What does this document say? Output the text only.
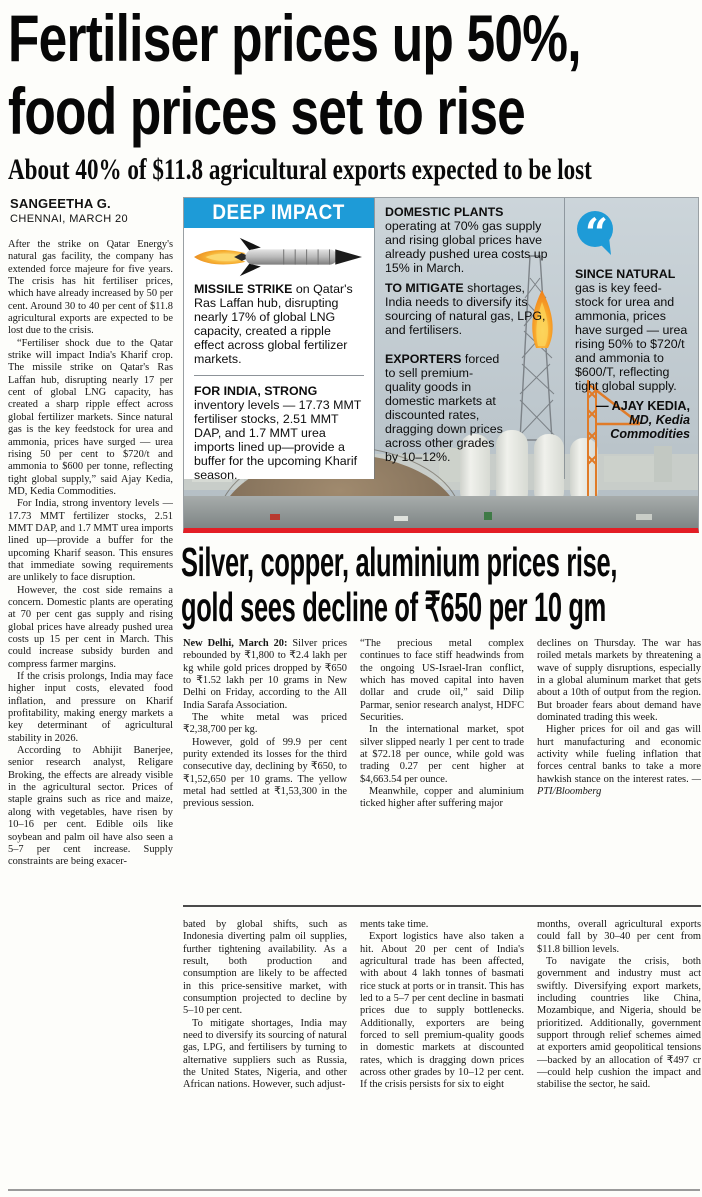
Fertiliser prices up 50%,
food prices set to rise
About 40% of $11.8 agricultural exports expected to be lost
SANGEETHA G.
CHENNAI, MARCH 20

After the strike on Qatar Energy's natural gas facility, the company has extended force majeure for five years. The crisis has hit fertiliser prices, which have already increased by 50 per cent. Around 30 to 40 per cent of $11.8 agricultural exports are expected to be lost due to the crisis.

“Fertiliser shock due to the Qatar strike will impact India's Kharif crop. The missile strike on Qatar's Ras Laffan hub, disrupting nearly 17 per cent of global LNG capacity, has created a sharp ripple effect across global fertilizer markets. Since natural gas is the key feedstock for urea and ammonia, prices have surged — urea rising 50 per cent to $720/t and ammonia to $600 per tonne, reflecting tight global supply,” said Ajay Kedia, MD, Kedia Commodities.

For India, strong inventory levels — 17.73 MMT fertilizer stocks, 2.51 MMT DAP, and 1.7 MMT urea imports lined up—provide a buffer for the upcoming Kharif season. This ensures that immediate sowing requirements are unlikely to face disruption.

However, the cost side remains a concern. Domestic plants are operating at 70 per cent gas supply and rising global prices have already pushed urea costs up 15 per cent in March. This could increase subsidy burden and compress farmer margins.

If the crisis prolongs, India may face higher input costs, elevated food inflation, and pressure on Kharif profitability, making energy markets a key determinant of agricultural stability in 2026.

According to Abhijit Banerjee, senior research analyst, Religare Broking, the effects are already visible in the agricultural sector. Prices of staple grains such as rice and maize, along with vegetables, have risen by 10–16 per cent. Edible oils like soybean and palm oil have also seen a 5–7 per cent increase. Supply constraints are being exacer-

DEEP IMPACT

MISSILE STRIKE on Qatar's Ras Laffan hub, disrupting nearly 17% of global LNG capacity, created a ripple effect across global fertilizer markets.

FOR INDIA, STRONG inventory levels — 17.73 MMT fertiliser stocks, 2.51 MMT DAP, and 1.7 MMT urea imports lined up—provide a buffer for the upcoming Kharif season.

DOMESTIC PLANTS operating at 70% gas supply and rising global prices have already pushed urea costs up 15% in March.

TO MITIGATE shortages, India needs to diversify its sourcing of natural gas, LPG, and fertilisers.

EXPORTERS forced to sell premium-quality goods in domestic markets at discounted rates, dragging down prices across other grades by 10–12%.

“

SINCE NATURAL gas is key feed-stock for urea and ammonia, prices have surged — urea rising 50% to $720/t and ammonia to $600/T, reflecting tight global supply.

— AJAY KEDIA,
MD, Kedia
Commodities
Silver, copper, aluminium prices rise,
gold sees decline of ₹650 per 10 gm

New Delhi, March 20: Silver prices rebounded by ₹1,800 to ₹2.4 lakh per kg while gold prices dropped by ₹650 to ₹1.52 lakh per 10 grams in New Delhi on Friday, according to the All India Sarafa Association.

The white metal was priced ₹2,38,700 per kg.

However, gold of 99.9 per cent purity extended its losses for the third consecutive day, declining by ₹650, to ₹1,52,650 per 10 grams. The yellow metal had settled at ₹1,53,300 in the previous session.

“The precious metal complex continues to face stiff headwinds from the ongoing US-Israel-Iran conflict, which has moved capital into haven dollar and crude oil,” said Dilip Parmar, senior research analyst, HDFC Securities.

In the international market, spot silver slipped nearly 1 per cent to trade at $72.18 per ounce, while gold was trading 0.27 per cent higher at $4,663.54 per ounce.

Meanwhile, copper and aluminium ticked higher after suffering major

declines on Thursday. The war has roiled metals markets by threatening a wave of supply disruptions, especially in a global aluminum market that gets about a 10th of output from the region. But broader fears about demand have dominated trading this week.

Higher prices for oil and gas will hurt manufacturing and economic activity while fueling inflation that forces central banks to take a more hawkish stance on the interest rates. — PTI/Bloomberg

bated by global shifts, such as Indonesia diverting palm oil supplies, further tightening availability. As a result, both production and consumption are likely to be affected in this price-sensitive market, with consumption projected to decline by 5–10 per cent.

To mitigate shortages, India may need to diversify its sourcing of natural gas, LPG, and fertilisers by turning to alternative suppliers such as Russia, the United States, Nigeria, and other African nations. However, such adjust-

ments take time.

Export logistics have also taken a hit. About 20 per cent of India's agricultural trade has been affected, with about 4 lakh tonnes of basmati rice stuck at ports or in transit. This has led to a 5–7 per cent decline in basmati prices due to supply bottlenecks. Additionally, exporters are being forced to sell premium-quality goods in domestic markets at discounted rates, which is dragging down prices across other grades by 10–12 per cent. If the crisis persists for six to eight

months, overall agricultural exports could fall by 30–40 per cent from $11.8 billion levels.

To navigate the crisis, both government and industry must act swiftly. Diversifying export markets, including countries like China, Mozambique, and Nigeria, should be prioritized. Additionally, government support through relief schemes aimed at exporters amid geopolitical tensions—backed by an allocation of ₹497 cr—could help cushion the impact and stabilise the sector, he said.
